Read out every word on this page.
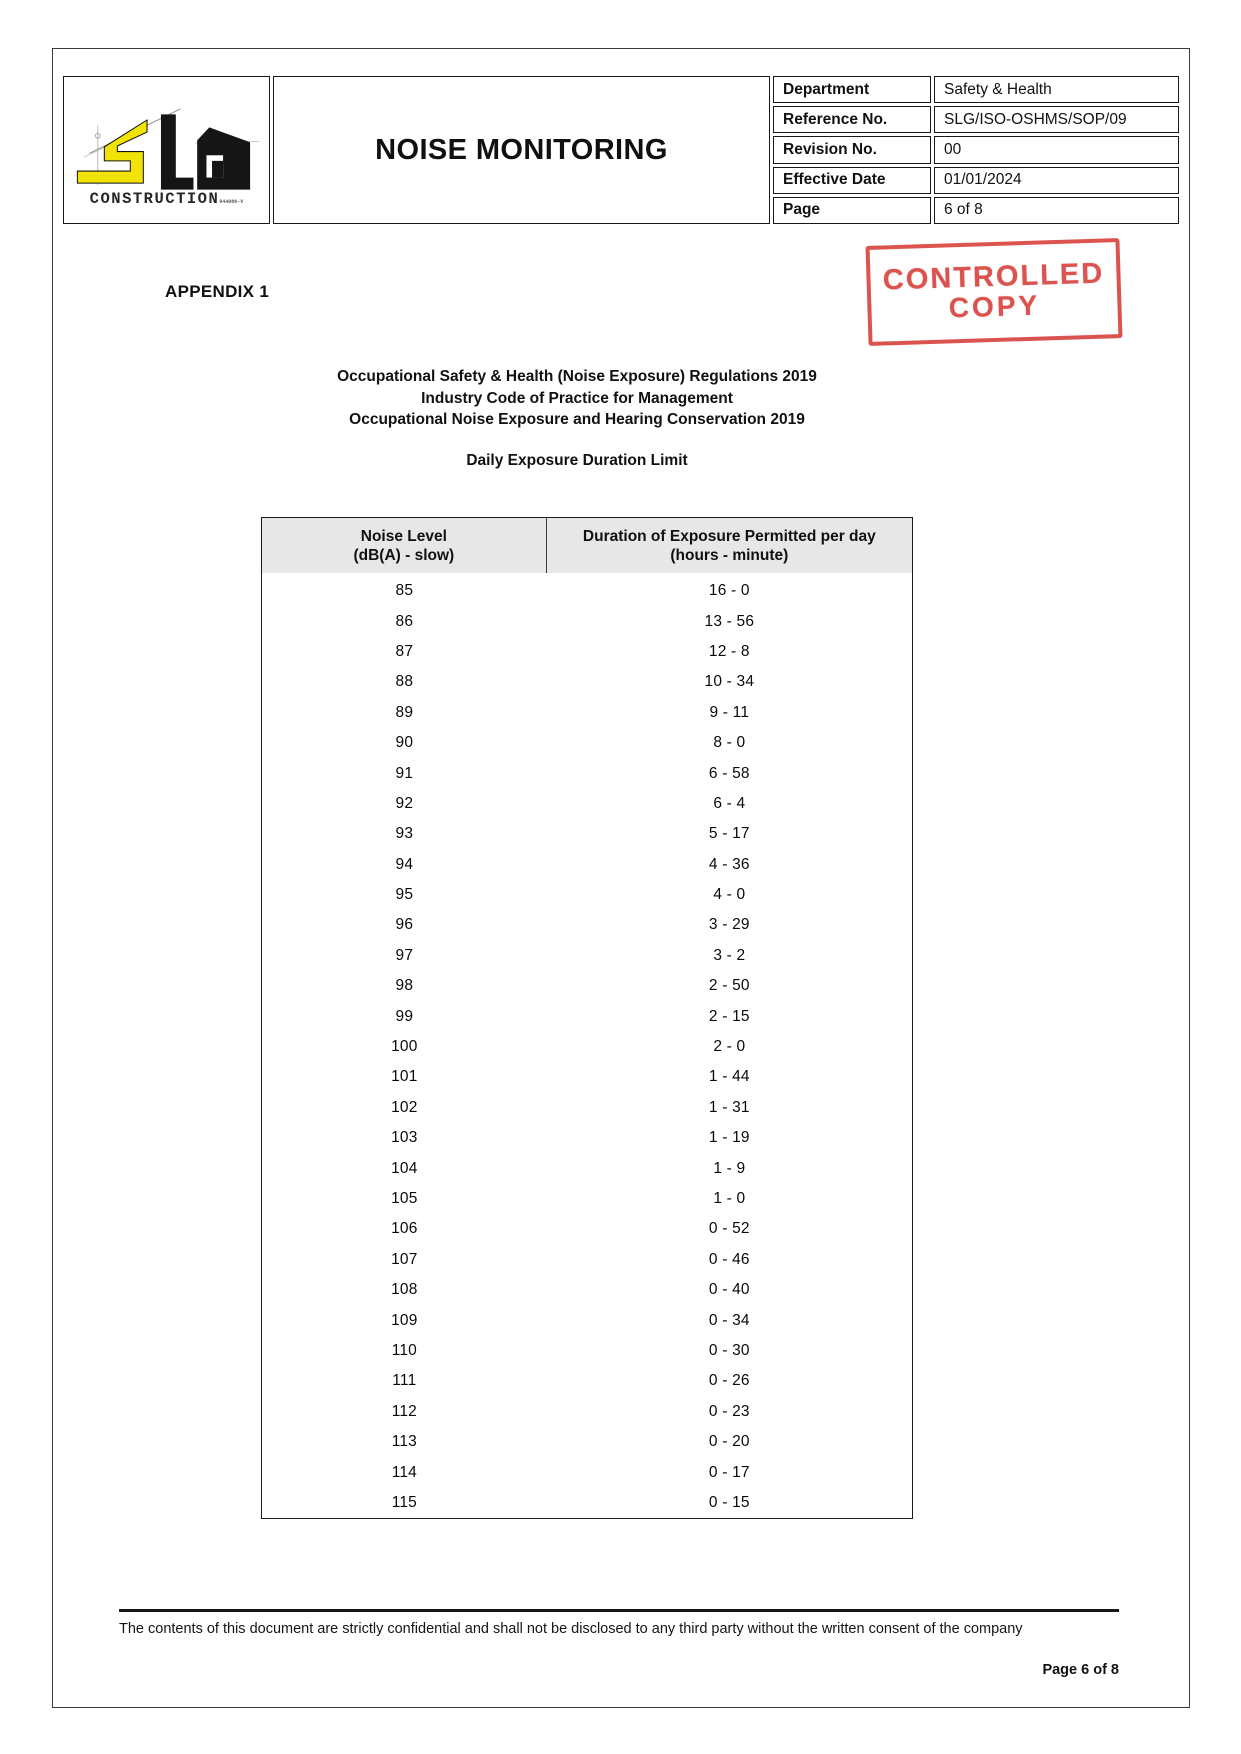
CONSTRUCTION944080-V
NOISE MONITORING
Department	Safety & Health
Reference No.	SLG/ISO-OSHMS/SOP/09
Revision No.	00
Effective Date	01/01/2024
Page	6 of 8
APPENDIX 1	CONTROLLED
COPY
Occupational Safety & Health (Noise Exposure) Regulations 2019
Industry Code of Practice for Management
Occupational Noise Exposure and Hearing Conservation 2019
Daily Exposure Duration Limit
Noise Level
(dB(A) - slow)
Duration of Exposure Permitted per day
(hours - minute)
85	16 - 0
86	13 - 56
87	12 - 8
88	10 - 34
89	9 - 11
90	8 - 0
91	6 - 58
92	6 - 4
93	5 - 17
94	4 - 36
95	4 - 0
96	3 - 29
97	3 - 2
98	2 - 50
99	2 - 15
100	2 - 0
101	1 - 44
102	1 - 31
103	1 - 19
104	1 - 9
105	1 - 0
106	0 - 52
107	0 - 46
108	0 - 40
109	0 - 34
110	0 - 30
111	0 - 26
112	0 - 23
113	0 - 20
114	0 - 17
115	0 - 15
The contents of this document are strictly confidential and shall not be disclosed to any third party without the written consent of the company
Page 6 of 8
